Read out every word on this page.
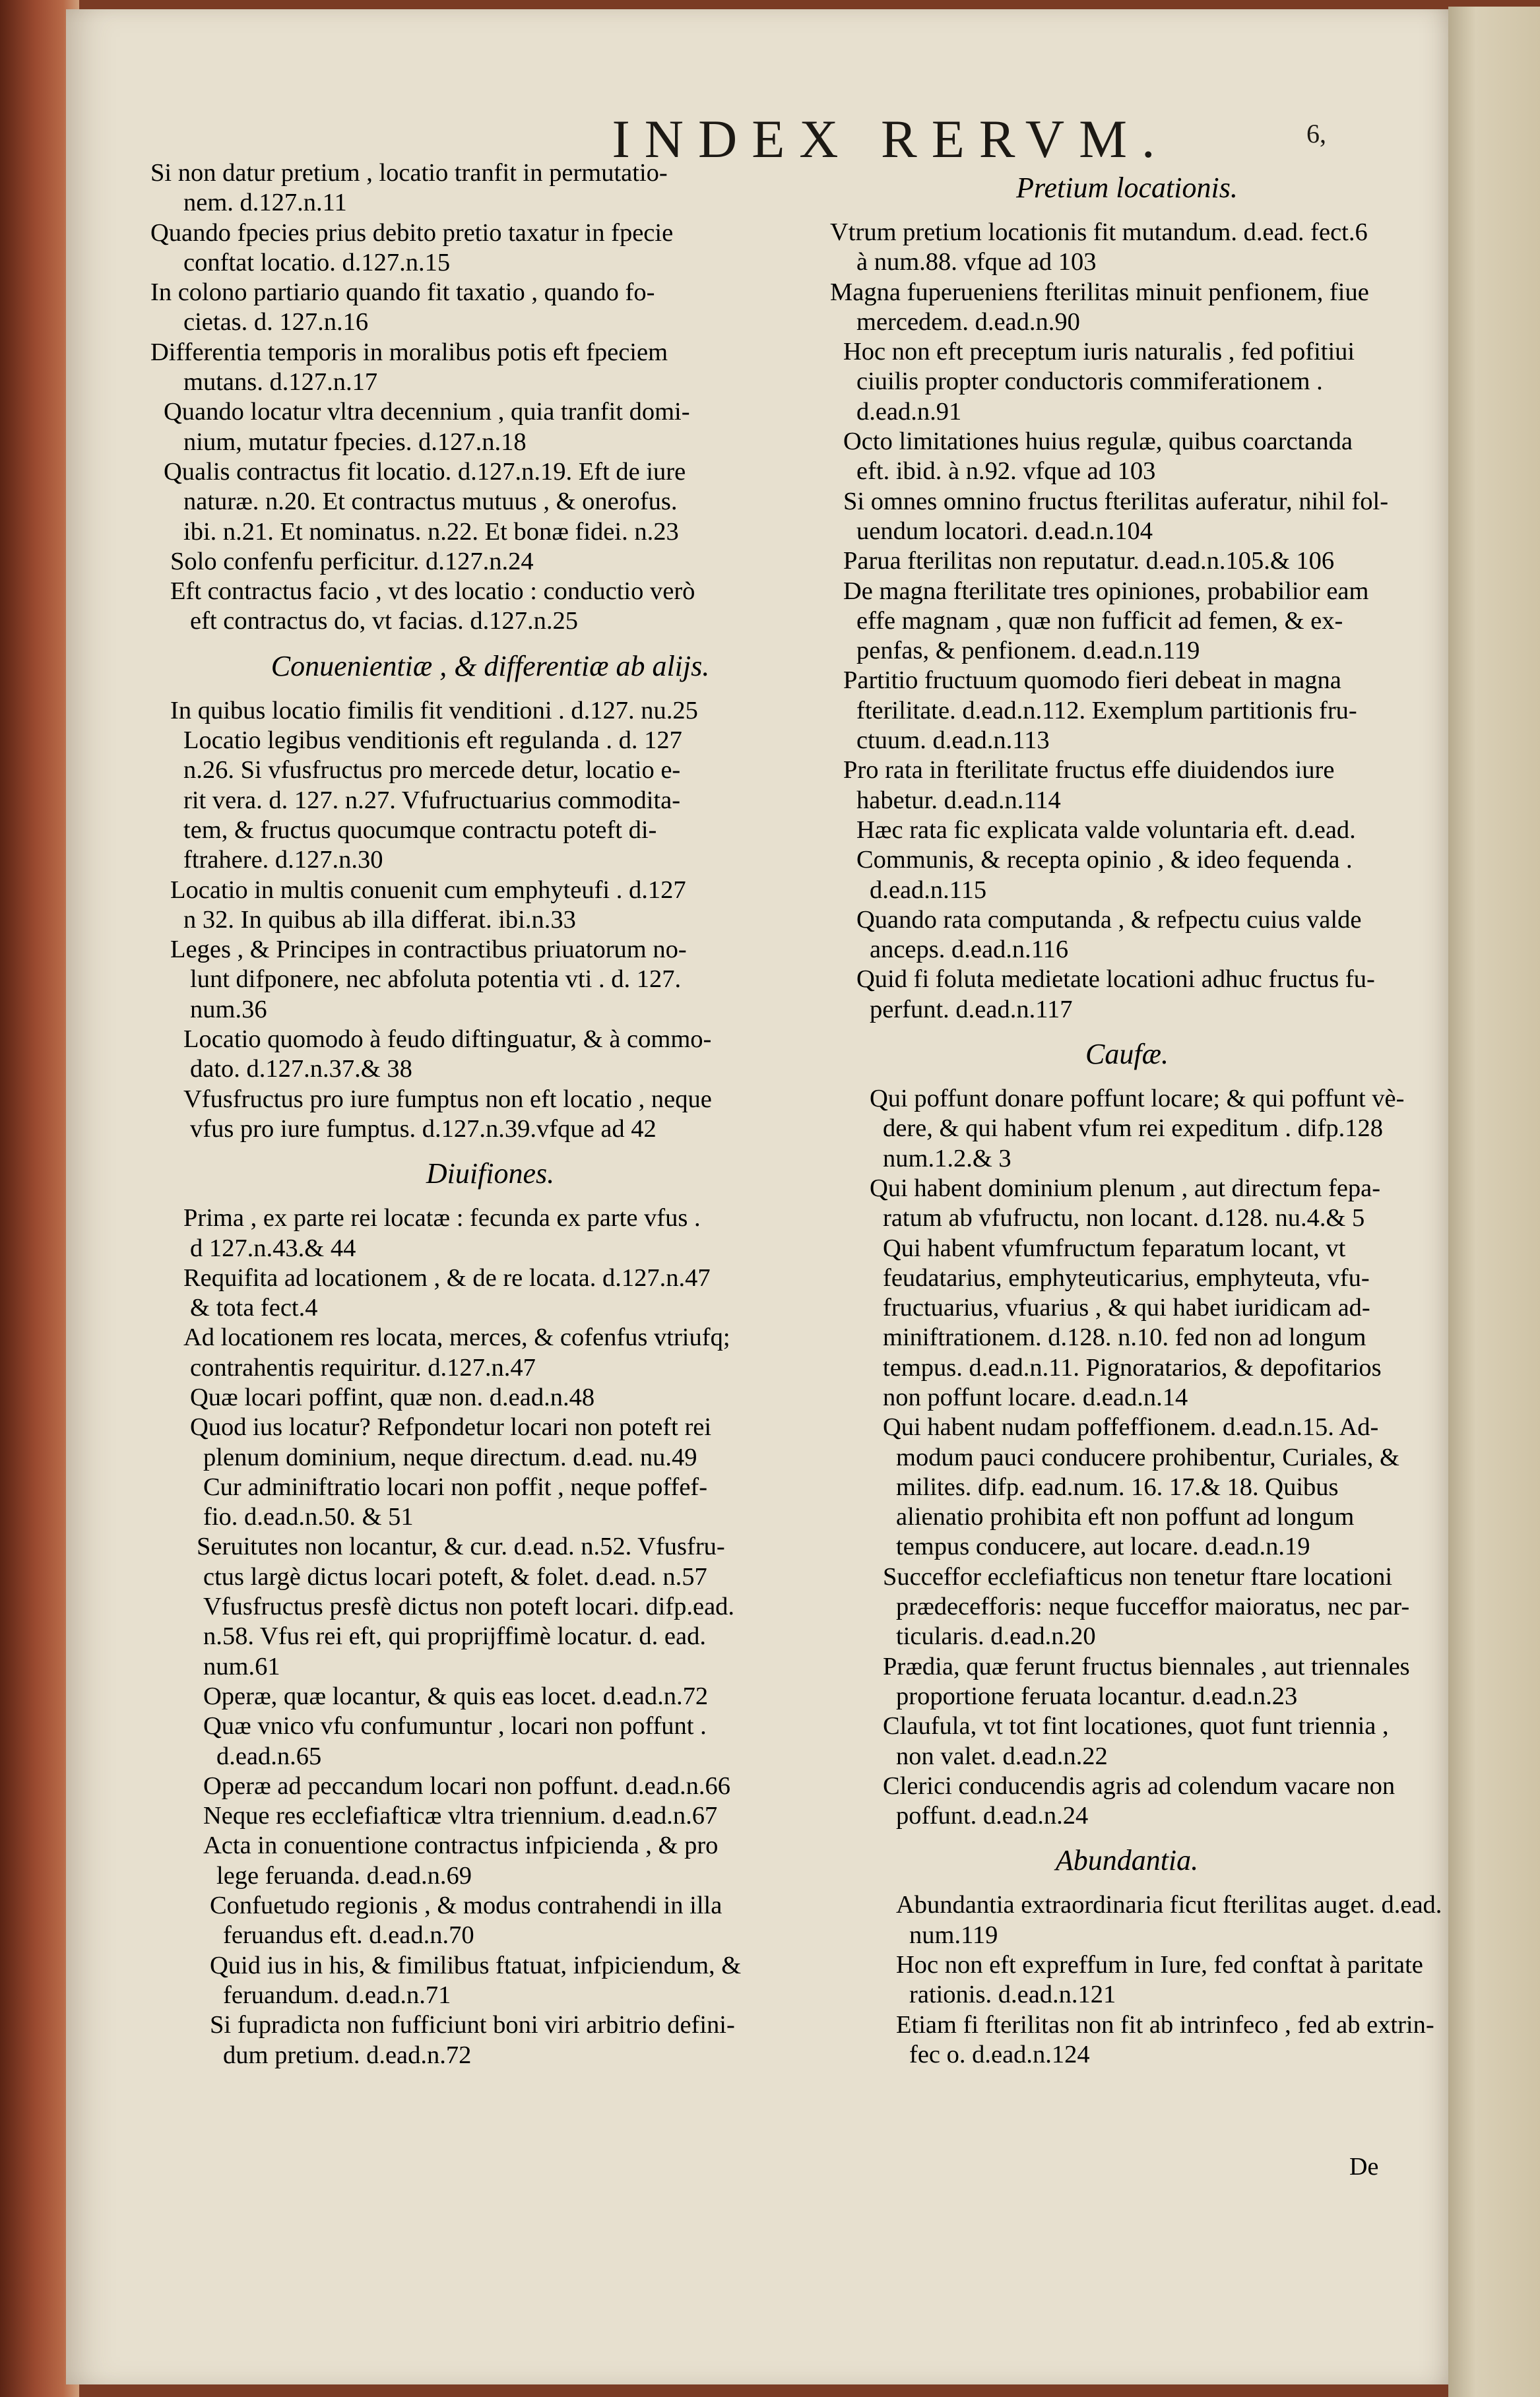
INDEX RERVM.	6,
Si non datur pretium , locatio tranfit in permutatio-
nem. d.127.n.11
Quando fpecies prius debito pretio taxatur in fpecie
conftat locatio. d.127.n.15
In colono partiario quando fit taxatio , quando fo-
cietas. d. 127.n.16
Differentia temporis in moralibus potis eft fpeciem
mutans. d.127.n.17
Quando locatur vltra decennium , quia tranfit domi-
nium, mutatur fpecies. d.127.n.18
Qualis contractus fit locatio. d.127.n.19. Eft de iure
naturæ. n.20. Et contractus mutuus , & onerofus.
ibi. n.21. Et nominatus. n.22. Et bonæ fidei. n.23
Solo confenfu perficitur. d.127.n.24
Eft contractus facio , vt des locatio : conductio verò
eft contractus do, vt facias. d.127.n.25
Conuenientiæ , & differentiæ ab alijs.
In quibus locatio fimilis fit venditioni . d.127. nu.25
Locatio legibus venditionis eft regulanda . d. 127
n.26. Si vfusfructus pro mercede detur, locatio e-
rit vera. d. 127. n.27. Vfufructuarius commodita-
tem, & fructus quocumque contractu poteft di-
ftrahere. d.127.n.30
Locatio in multis conuenit cum emphyteufi . d.127
n 32. In quibus ab illa differat. ibi.n.33
Leges , & Principes in contractibus priuatorum no-
lunt difponere, nec abfoluta potentia vti . d. 127.
num.36
Locatio quomodo à feudo diftinguatur, & à commo-
dato. d.127.n.37.& 38
Vfusfructus pro iure fumptus non eft locatio , neque
vfus pro iure fumptus. d.127.n.39.vfque ad 42
Diuifiones.
Prima , ex parte rei locatæ : fecunda ex parte vfus .
d 127.n.43.& 44
Requifita ad locationem , & de re locata. d.127.n.47
& tota fect.4
Ad locationem res locata, merces, & cofenfus vtriufq;
contrahentis requiritur. d.127.n.47
Quæ locari poffint, quæ non. d.ead.n.48
Quod ius locatur? Refpondetur locari non poteft rei
plenum dominium, neque directum. d.ead. nu.49
Cur adminiftratio locari non poffit , neque poffef-
fio. d.ead.n.50. & 51
Seruitutes non locantur, & cur. d.ead. n.52. Vfusfru-
ctus largè dictus locari poteft, & folet. d.ead. n.57
Vfusfructus presfè dictus non poteft locari. difp.ead.
n.58. Vfus rei eft, qui proprijffimè locatur. d. ead.
num.61
Operæ, quæ locantur, & quis eas locet. d.ead.n.72
Quæ vnico vfu confumuntur , locari non poffunt .
d.ead.n.65
Operæ ad peccandum locari non poffunt. d.ead.n.66
Neque res ecclefiafticæ vltra triennium. d.ead.n.67
Acta in conuentione contractus infpicienda , & pro
lege feruanda. d.ead.n.69
Confuetudo regionis , & modus contrahendi in illa
feruandus eft. d.ead.n.70
Quid ius in his, & fimilibus ftatuat, infpiciendum, &
feruandum. d.ead.n.71
Si fupradicta non fufficiunt boni viri arbitrio defini-
dum pretium. d.ead.n.72
Pretium locationis.
Vtrum pretium locationis fit mutandum. d.ead. fect.6
à num.88. vfque ad 103
Magna fuperueniens fterilitas minuit penfionem, fiue
mercedem. d.ead.n.90
Hoc non eft preceptum iuris naturalis , fed pofitiui
ciuilis propter conductoris commiferationem .
d.ead.n.91
Octo limitationes huius regulæ, quibus coarctanda
eft. ibid. à n.92. vfque ad 103
Si omnes omnino fructus fterilitas auferatur, nihil fol-
uendum locatori. d.ead.n.104
Parua fterilitas non reputatur. d.ead.n.105.& 106
De magna fterilitate tres opiniones, probabilior eam
effe magnam , quæ non fufficit ad femen, & ex-
penfas, & penfionem. d.ead.n.119
Partitio fructuum quomodo fieri debeat in magna
fterilitate. d.ead.n.112. Exemplum partitionis fru-
ctuum. d.ead.n.113
Pro rata in fterilitate fructus effe diuidendos iure
habetur. d.ead.n.114
Hæc rata fic explicata valde voluntaria eft. d.ead.
Communis, & recepta opinio , & ideo fequenda .
d.ead.n.115
Quando rata computanda , & refpectu cuius valde
anceps. d.ead.n.116
Quid fi foluta medietate locationi adhuc fructus fu-
perfunt. d.ead.n.117
Caufæ.
Qui poffunt donare poffunt locare; & qui poffunt vè-
dere, & qui habent vfum rei expeditum . difp.128
num.1.2.& 3
Qui habent dominium plenum , aut directum fepa-
ratum ab vfufructu, non locant. d.128. nu.4.& 5
Qui habent vfumfructum feparatum locant, vt
feudatarius, emphyteuticarius, emphyteuta, vfu-
fructuarius, vfuarius , & qui habet iuridicam ad-
miniftrationem. d.128. n.10. fed non ad longum
tempus. d.ead.n.11. Pignoratarios, & depofitarios
non poffunt locare. d.ead.n.14
Qui habent nudam poffeffionem. d.ead.n.15. Ad-
modum pauci conducere prohibentur, Curiales, &
milites. difp. ead.num. 16. 17.& 18. Quibus
alienatio prohibita eft non poffunt ad longum
tempus conducere, aut locare. d.ead.n.19
Succeffor ecclefiafticus non tenetur ftare locationi
prædecefforis: neque fucceffor maioratus, nec par-
ticularis. d.ead.n.20
Prædia, quæ ferunt fructus biennales , aut triennales
proportione feruata locantur. d.ead.n.23
Claufula, vt tot fint locationes, quot funt triennia ,
non valet. d.ead.n.22
Clerici conducendis agris ad colendum vacare non
poffunt. d.ead.n.24
Abundantia.
Abundantia extraordinaria ficut fterilitas auget. d.ead.
num.119
Hoc non eft expreffum in Iure, fed conftat à paritate
rationis. d.ead.n.121
Etiam fi fterilitas non fit ab intrinfeco , fed ab extrin-
fec o. d.ead.n.124
De
